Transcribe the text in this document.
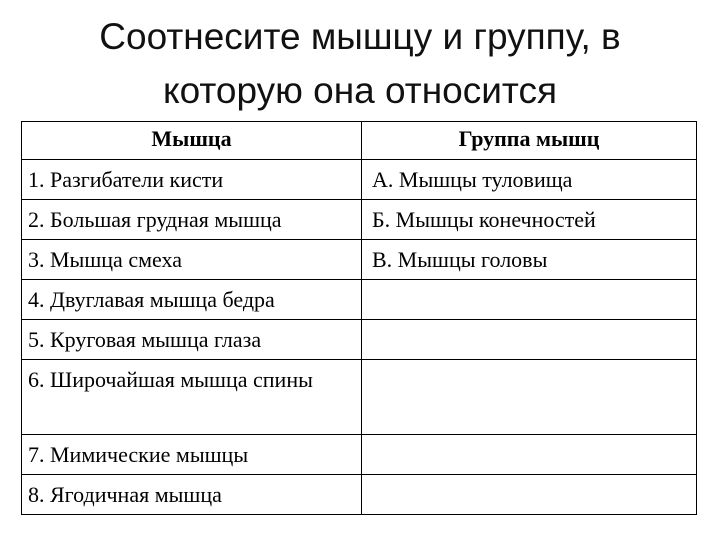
Соотнесите мышцу и группу, в
которую она относится
Мышца	Группа мышц
1. Разгибатели кисти	А. Мышцы туловища
2. Большая грудная мышца	Б. Мышцы конечностей
3. Мышца смеха	В. Мышцы головы
4. Двуглавая мышца бедра	
5. Круговая мышца глаза	
6. Широчайшая мышца спины	
7. Мимические мышцы	
8. Ягодичная мышца	
